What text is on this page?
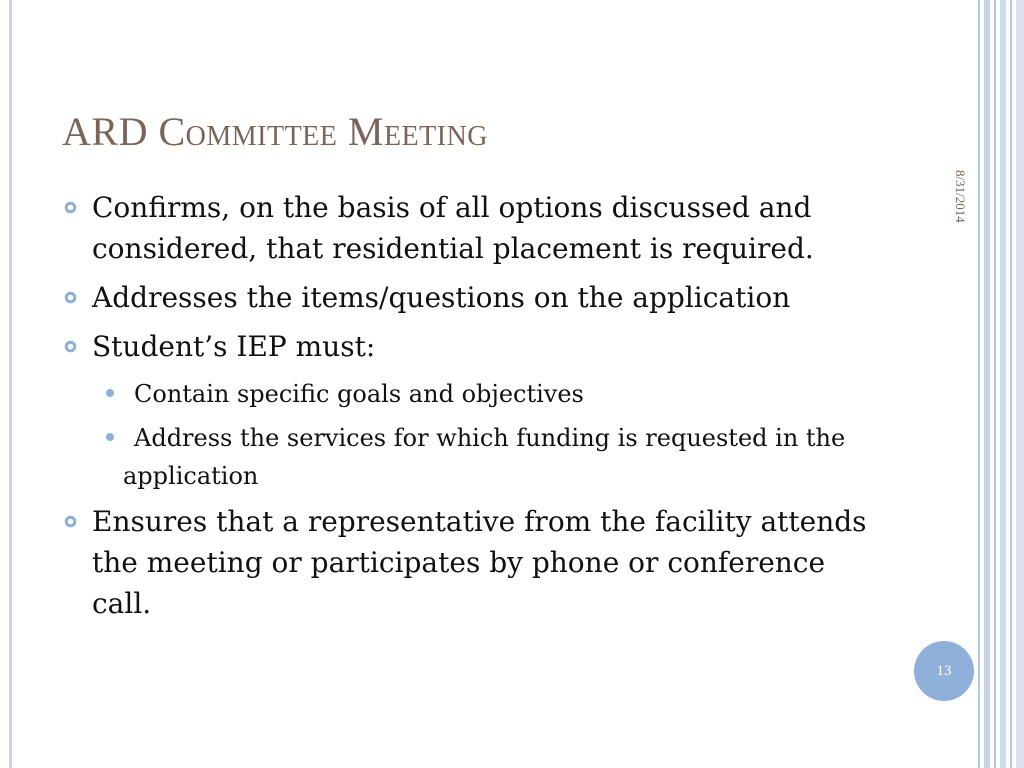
ARD Committee Meeting
8/31/2014
Confirms, on the basis of all options discussed and considered, that residential placement is required.
Addresses the items/questions on the application
Student’s IEP must:
Contain specific goals and objectives
Address the services for which funding is requested in the application
Ensures that a representative from the facility attends the meeting or participates by phone or conference call.
13
